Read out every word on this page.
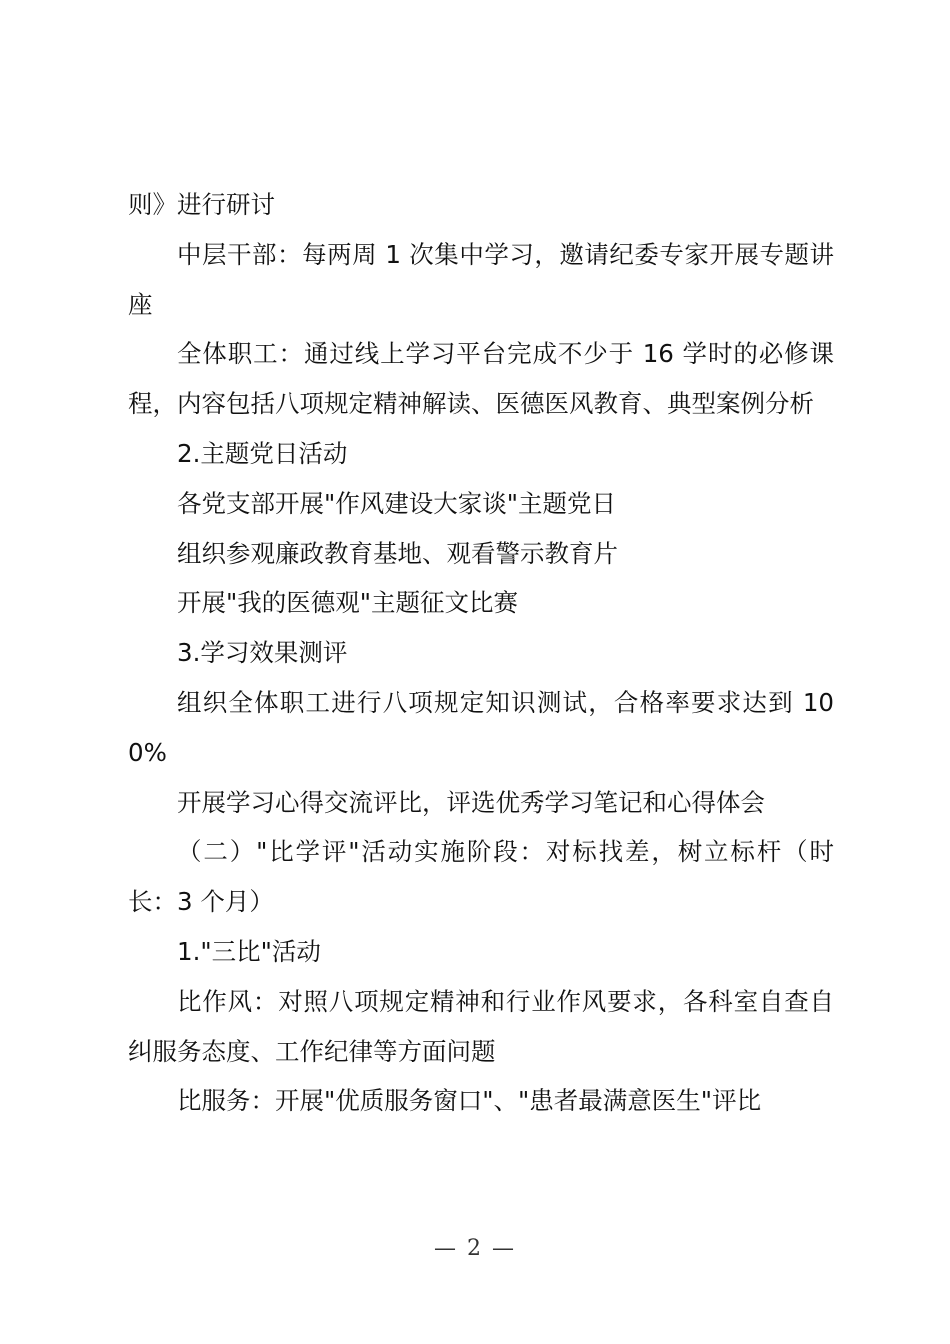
则》进行研讨

中层干部：每两周 1 次集中学习，邀请纪委专家开展专题讲座

全体职工：通过线上学习平台完成不少于 16 学时的必修课程，内容包括八项规定精神解读、医德医风教育、典型案例分析

2.主题党日活动

各党支部开展"作风建设大家谈"主题党日

组织参观廉政教育基地、观看警示教育片

开展"我的医德观"主题征文比赛

3.学习效果测评

组织全体职工进行八项规定知识测试，合格率要求达到 100%

开展学习心得交流评比，评选优秀学习笔记和心得体会

（二）"比学评"活动实施阶段：对标找差，树立标杆（时长：3 个月）

1."三比"活动

比作风：对照八项规定精神和行业作风要求，各科室自查自纠服务态度、工作纪律等方面问题

比服务：开展"优质服务窗口"、"患者最满意医生"评比

— 2 —
